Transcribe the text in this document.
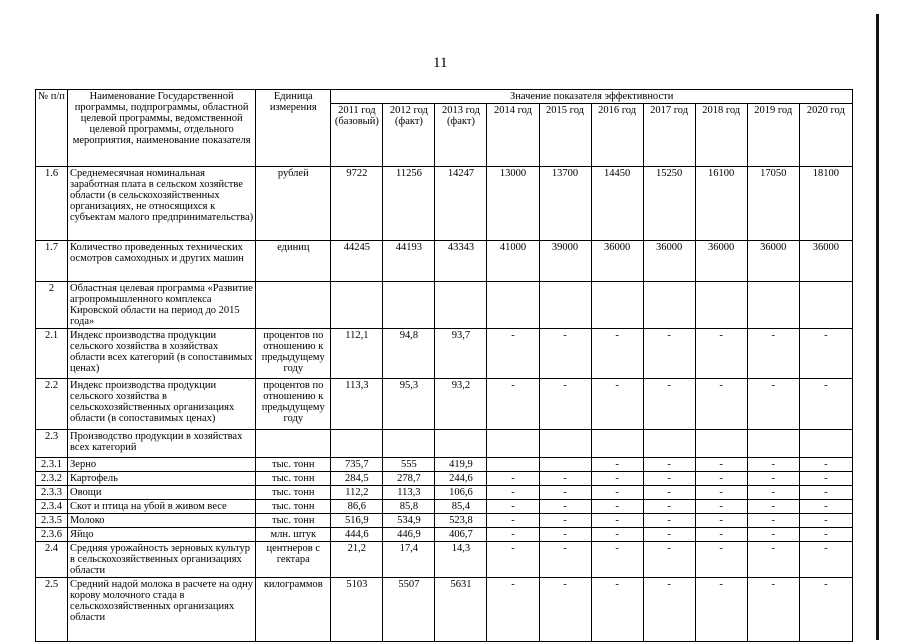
11
№ п/п	Наименование Государственной программы, подпрограммы, областной целевой программы, ведомственной целевой программы, отдельного мероприятия, наименование показателя	Единица измерения	Значение показателя эффективности									
			2011 год (базовый)	2012 год (факт)	2013 год (факт)	2014 год	2015 год	2016 год	2017 год	2018 год	2019 год	2020 год
1.6	Среднемесячная номинальная заработная плата в сельском хозяйстве области (в сельскохозяйственных организациях, не относящихся к субъектам малого предпринимательства)	рублей	9722	11256	14247	13000	13700	14450	15250	16100	17050	18100
1.7	Количество проведенных технических осмотров самоходных и других машин	единиц	44245	44193	43343	41000	39000	36000	36000	36000	36000	36000
2	Областная целевая программа «Развитие агропромышленного комплекса Кировской области на период до 2015 года»											
2.1	Индекс производства продукции сельского хозяйства в хозяйствах области всех категорий (в сопоставимых ценах)	процентов по отношению к предыдущему году	112,1	94,8	93,7	-	-	-	-	-	-	-
2.2	Индекс производства продукции сельского хозяйства в сельскохозяйственных организациях области (в сопоставимых ценах)	процентов по отношению к предыдущему году	113,3	95,3	93,2	-	-	-	-	-	-	-
2.3	Производство продукции в хозяйствах всех категорий											
2.3.1	Зерно	тыс. тонн	735,7	555	419,9			-	-	-	-	-
2.3.2	Картофель	тыс. тонн	284,5	278,7	244,6	-	-	-	-	-	-	-
2.3.3	Овощи	тыс. тонн	112,2	113,3	106,6	-	-	-	-	-	-	-
2.3.4	Скот и птица на убой в живом весе	тыс. тонн	86,6	85,8	85,4	-	-	-	-	-	-	-
2.3.5	Молоко	тыс. тонн	516,9	534,9	523,8	-	-	-	-	-	-	-
2.3.6	Яйцо	млн. штук	444,6	446,9	406,7	-	-	-	-	-	-	-
2.4	Средняя урожайность зерновых культур в сельскохозяйственных организациях области	центнеров с гектара	21,2	17,4	14,3	-	-	-	-	-	-	-
2.5	Средний надой молока в расчете на одну корову молочного стада в сельскохозяйственных организациях области	килограммов	5103	5507	5631	-	-	-	-	-	-	-
